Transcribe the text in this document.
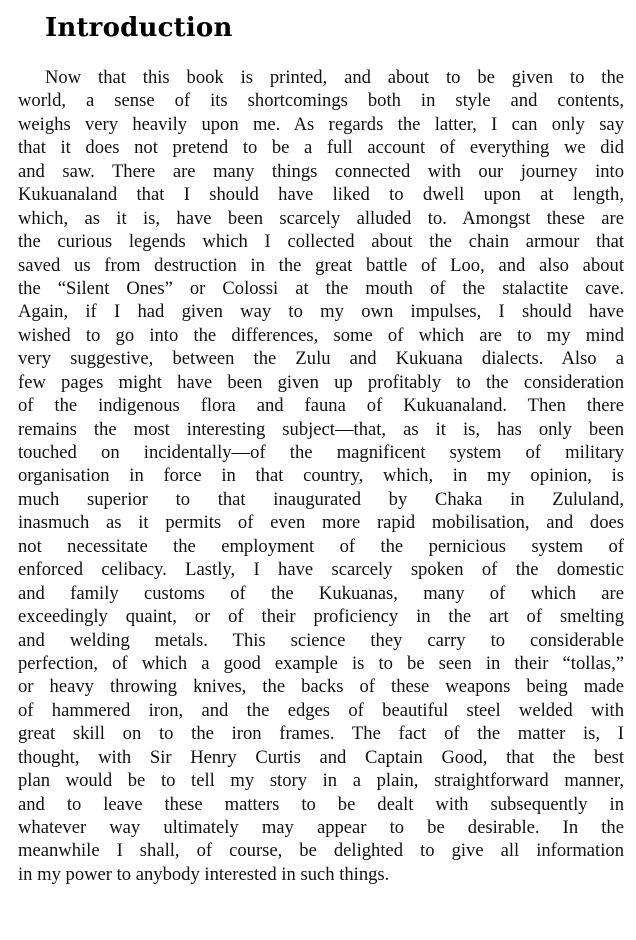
Introduction
Now that this book is printed, and about to be given to the
world, a sense of its shortcomings both in style and contents,
weighs very heavily upon me. As regards the latter, I can only say
that it does not pretend to be a full account of everything we did
and saw. There are many things connected with our journey into
Kukuanaland that I should have liked to dwell upon at length,
which, as it is, have been scarcely alluded to. Amongst these are
the curious legends which I collected about the chain armour that
saved us from destruction in the great battle of Loo, and also about
the “Silent Ones” or Colossi at the mouth of the stalactite cave.
Again, if I had given way to my own impulses, I should have
wished to go into the differences, some of which are to my mind
very suggestive, between the Zulu and Kukuana dialects. Also a
few pages might have been given up profitably to the consideration
of the indigenous flora and fauna of Kukuanaland. Then there
remains the most interesting subject—that, as it is, has only been
touched on incidentally—of the magnificent system of military
organisation in force in that country, which, in my opinion, is
much superior to that inaugurated by Chaka in Zululand,
inasmuch as it permits of even more rapid mobilisation, and does
not necessitate the employment of the pernicious system of
enforced celibacy. Lastly, I have scarcely spoken of the domestic
and family customs of the Kukuanas, many of which are
exceedingly quaint, or of their proficiency in the art of smelting
and welding metals. This science they carry to considerable
perfection, of which a good example is to be seen in their “tollas,”
or heavy throwing knives, the backs of these weapons being made
of hammered iron, and the edges of beautiful steel welded with
great skill on to the iron frames. The fact of the matter is, I
thought, with Sir Henry Curtis and Captain Good, that the best
plan would be to tell my story in a plain, straightforward manner,
and to leave these matters to be dealt with subsequently in
whatever way ultimately may appear to be desirable. In the
meanwhile I shall, of course, be delighted to give all information
in my power to anybody interested in such things.
